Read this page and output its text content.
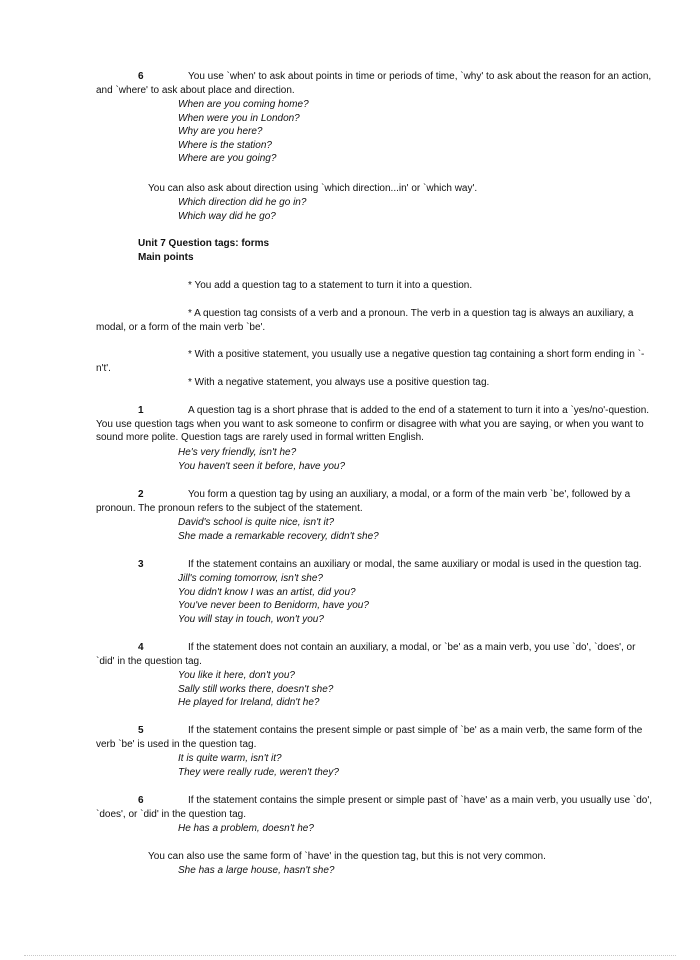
6	You use `when' to ask about points in time or periods of time, `why' to ask about the reason for an action, and `where' to ask about place and direction.
When are you coming home?
When were you in London?
Why are you here?
Where is the station?
Where are you going?
You can also ask about direction using `which direction...in' or `which way'.
Which direction did he go in?
Which way did he go?
Unit 7 Question tags: forms
Main points
* You add a question tag to a statement to turn it into a question.
* A question tag consists of a verb and a pronoun. The verb in a question tag is always an auxiliary, a modal, or a form of the main verb `be'.
* With a positive statement, you usually use a negative question tag containing a short form ending in `-n't'.
* With a negative statement, you always use a positive question tag.
1	A question tag is a short phrase that is added to the end of a statement to turn it into a `yes/no'-question. You use question tags when you want to ask someone to confirm or disagree with what you are saying, or when you want to sound more polite. Question tags are rarely used in formal written English.
He's very friendly, isn't he?
You haven't seen it before, have you?
2	You form a question tag by using an auxiliary, a modal, or a form of the main verb `be', followed by a pronoun. The pronoun refers to the subject of the statement.
David's school is quite nice, isn't it?
She made a remarkable recovery, didn't she?
3	If the statement contains an auxiliary or modal, the same auxiliary or modal is used in the question tag.
Jill's coming tomorrow, isn't she?
You didn't know I was an artist, did you?
You've never been to Benidorm, have you?
You will stay in touch, won't you?
4	If the statement does not contain an auxiliary, a modal, or `be' as a main verb, you use `do', `does', or `did' in the question tag.
You like it here, don't you?
Sally still works there, doesn't she?
He played for Ireland, didn't he?
5	If the statement contains the present simple or past simple of `be' as a main verb, the same form of the verb `be' is used in the question tag.
It is quite warm, isn't it?
They were really rude, weren't they?
6	If the statement contains the simple present or simple past of `have' as a main verb, you usually use `do', `does', or `did' in the question tag.
He has a problem, doesn't he?
You can also use the same form of `have' in the question tag, but this is not very common.
She has a large house, hasn't she?
